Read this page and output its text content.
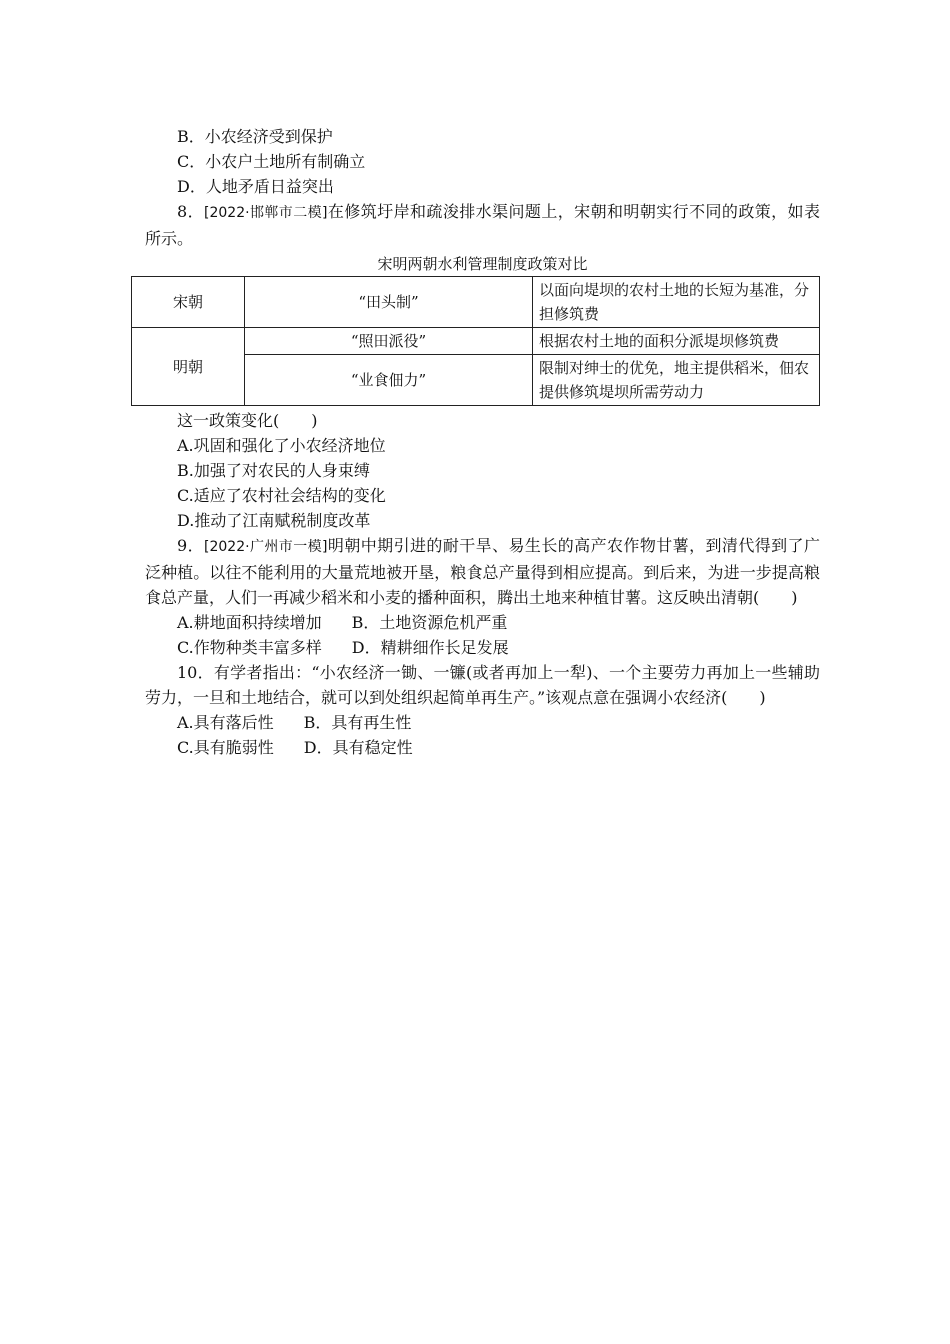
B．小农经济受到保护
C．小农户土地所有制确立
D．人地矛盾日益突出
8．[2022·邯郸市二模]在修筑圩岸和疏浚排水渠问题上，宋朝和明朝实行不同的政策，如表所示。
宋明两朝水利管理制度政策对比
宋朝	“田头制”	以面向堤坝的农村土地的长短为基准，分担修筑费
明朝	“照田派役”	根据农村土地的面积分派堤坝修筑费
	“业食佃力”	限制对绅士的优免，地主提供稻米，佃农提供修筑堤坝所需劳动力
这一政策变化(　　)
A.巩固和强化了小农经济地位
B.加强了对农民的人身束缚
C.适应了农村社会结构的变化
D.推动了江南赋税制度改革
9．[2022·广州市一模]明朝中期引进的耐干旱、易生长的高产农作物甘薯，到清代得到了广泛种植。以往不能利用的大量荒地被开垦，粮食总产量得到相应提高。到后来，为进一步提高粮食总产量，人们一再减少稻米和小麦的播种面积，腾出土地来种植甘薯。这反映出清朝(　　)
A.耕地面积持续增加 B．土地资源危机严重
C.作物种类丰富多样 D．精耕细作长足发展
10．有学者指出：“小农经济一锄、一镰(或者再加上一犁)、一个主要劳力再加上一些辅助劳力，一旦和土地结合，就可以到处组织起简单再生产。”该观点意在强调小农经济(　　)
A.具有落后性 B．具有再生性
C.具有脆弱性 D．具有稳定性
